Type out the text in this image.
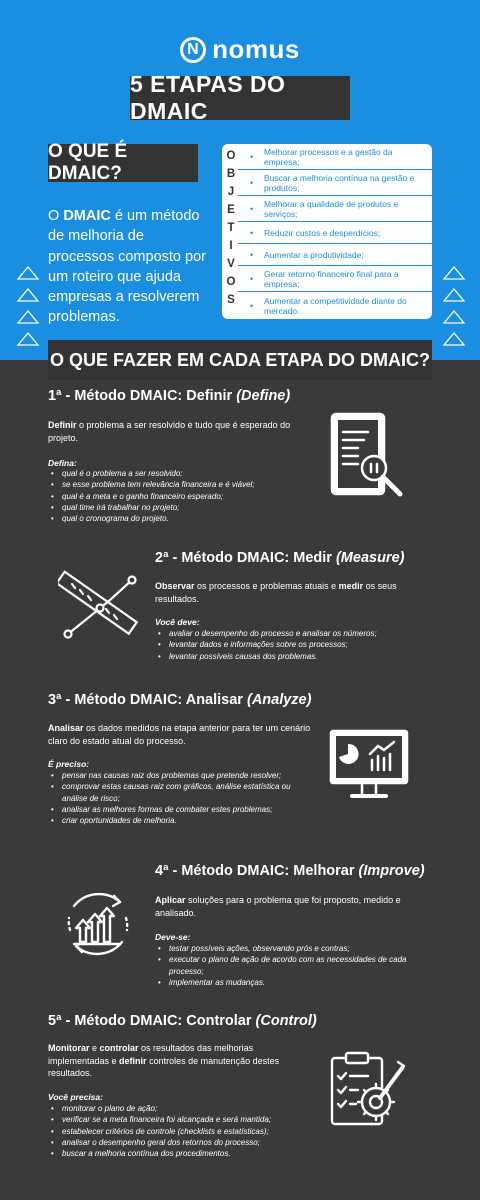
N nomus
5 ETAPAS DO DMAIC
O QUE É DMAIC?
O DMAIC é um método de melhoria de processos composto por um roteiro que ajuda empresas a resolverem problemas.
O
B
J
E
T
I
V
O
S
• Melhorar processos e a gestão da empresa;
• Buscar a melhoria contínua na gestão e produtos;
• Melhorar a qualidade de produtos e serviços;
• Reduzir custos e desperdícios;
• Aumentar a produtividade;
• Gerar retorno financeiro final para a empresa;
• Aumentar a competitividade diante do mercado.
O QUE FAZER EM CADA ETAPA DO DMAIC?
1ª - Método DMAIC: Definir (Define)
Definir o problema a ser resolvido e tudo que é esperado do projeto.
Defina:
• qual é o problema a ser resolvido;
• se esse problema tem relevância financeira e é viável;
• qual é a meta e o ganho financeiro esperado;
• qual time irá trabalhar no projeto;
• qual o cronograma do projeto.
2ª - Método DMAIC: Medir (Measure)
Observar os processos e problemas atuais e medir os seus resultados.
Você deve:
• avaliar o desempenho do processo e analisar os números;
• levantar dados e informações sobre os processos;
• levantar possíveis causas dos problemas.
3ª - Método DMAIC: Analisar (Analyze)
Analisar os dados medidos na etapa anterior para ter um cenário claro do estado atual do processo.
É preciso:
• pensar nas causas raiz dos problemas que pretende resolver;
• comprovar estas causas raiz com gráficos, análise estatística ou análise de risco;
• analisar as melhores formas de combater estes problemas;
• criar oportunidades de melhoria.
4ª - Método DMAIC: Melhorar (Improve)
Aplicar soluções para o problema que foi proposto, medido e analisado.
Deve-se:
• testar possíveis ações, observando prós e contras;
• executar o plano de ação de acordo com as necessidades de cada processo;
• implementar as mudanças.
5ª - Método DMAIC: Controlar (Control)
Monitorar e controlar os resultados das melhorias implementadas e definir controles de manutenção destes resultados.
Você precisa:
• monitorar o plano de ação;
• verificar se a meta financeira foi alcançada e será mantida;
• estabelecer critérios de controle (checklists e estatísticas);
• analisar o desempenho geral dos retornos do processo;
• buscar a melhoria contínua dos procedimentos.
